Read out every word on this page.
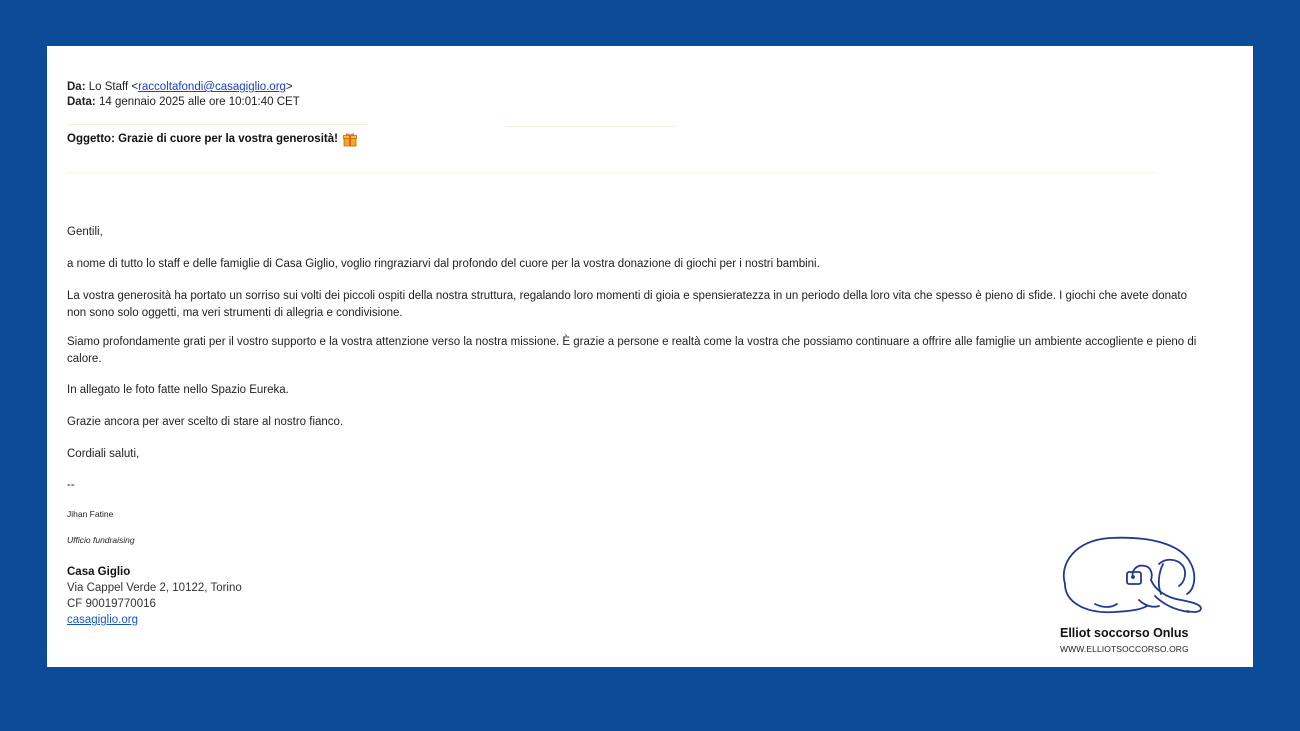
Da: Lo Staff <raccoltafondi@casagiglio.org>
Data: 14 gennaio 2025 alle ore 10:01:40 CET
Oggetto: Grazie di cuore per la vostra generosità!
Gentili,
a nome di tutto lo staff e delle famiglie di Casa Giglio, voglio ringraziarvi dal profondo del cuore per la vostra donazione di giochi per i nostri bambini.
La vostra generosità ha portato un sorriso sui volti dei piccoli ospiti della nostra struttura, regalando loro momenti di gioia e spensieratezza in un periodo della loro vita che spesso è pieno di sfide. I giochi che avete donato non sono solo oggetti, ma veri strumenti di allegria e condivisione.
Siamo profondamente grati per il vostro supporto e la vostra attenzione verso la nostra missione. È grazie a persone e realtà come la vostra che possiamo continuare a offrire alle famiglie un ambiente accogliente e pieno di calore.
In allegato le foto fatte nello Spazio Eureka.
Grazie ancora per aver scelto di stare al nostro fianco.
Cordiali saluti,
--
Jihan Fatine
Ufficio fundraising
Casa Giglio
Via Cappel Verde 2, 10122, Torino
CF 90019770016
casagiglio.org
Elliot soccorso Onlus
WWW.ELLIOTSOCCORSO.ORG
